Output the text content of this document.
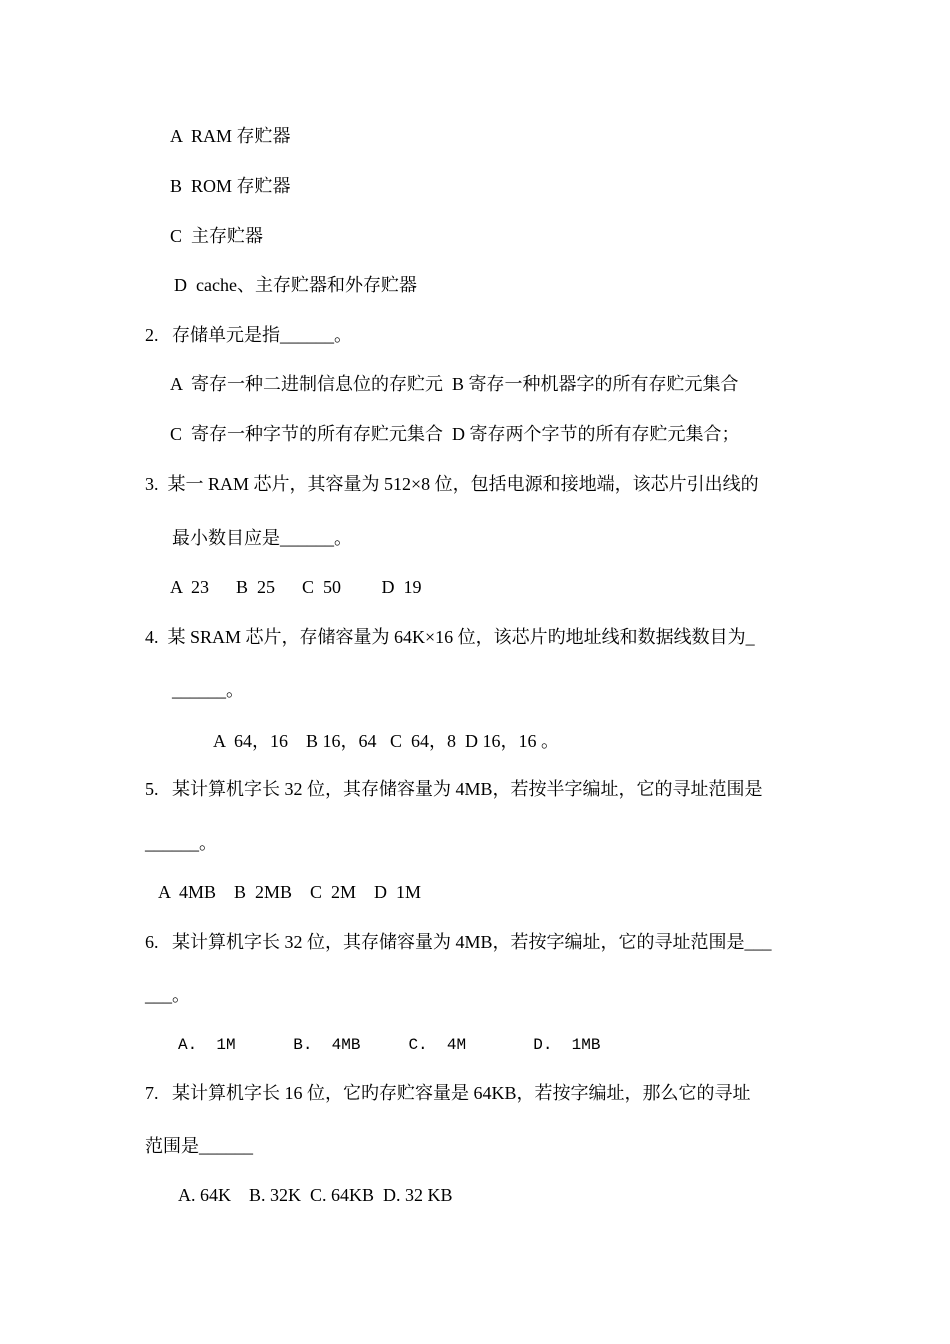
A  RAM 存贮器

B  ROM 存贮器

C  主存贮器

D  cache、主存贮器和外存贮器

2.   存储单元是指______。

A  寄存一种二进制信息位的存贮元  B 寄存一种机器字的所有存贮元集合

C  寄存一种字节的所有存贮元集合  D 寄存两个字节的所有存贮元集合；

3.  某一 RAM 芯片，其容量为 512×8 位，包括电源和接地端，该芯片引出线的

最小数目应是______。

A  23      B  25      C  50         D  19

4.  某 SRAM 芯片，存储容量为 64K×16 位，该芯片旳地址线和数据线数目为_

______。

A  64，16    B 16，64   C  64，8  D 16，16 。

5.   某计算机字长 32 位，其存储容量为 4MB，若按半字编址，它的寻址范围是

______。

A  4MB    B  2MB    C  2M    D  1M

6.   某计算机字长 32 位，其存储容量为 4MB，若按字编址，它的寻址范围是___

___。

A.  1M      B.  4MB     C.  4M       D.  1MB

7.   某计算机字长 16 位，它旳存贮容量是 64KB，若按字编址，那么它的寻址

范围是______

A. 64K    B. 32K  C. 64KB  D. 32 KB
